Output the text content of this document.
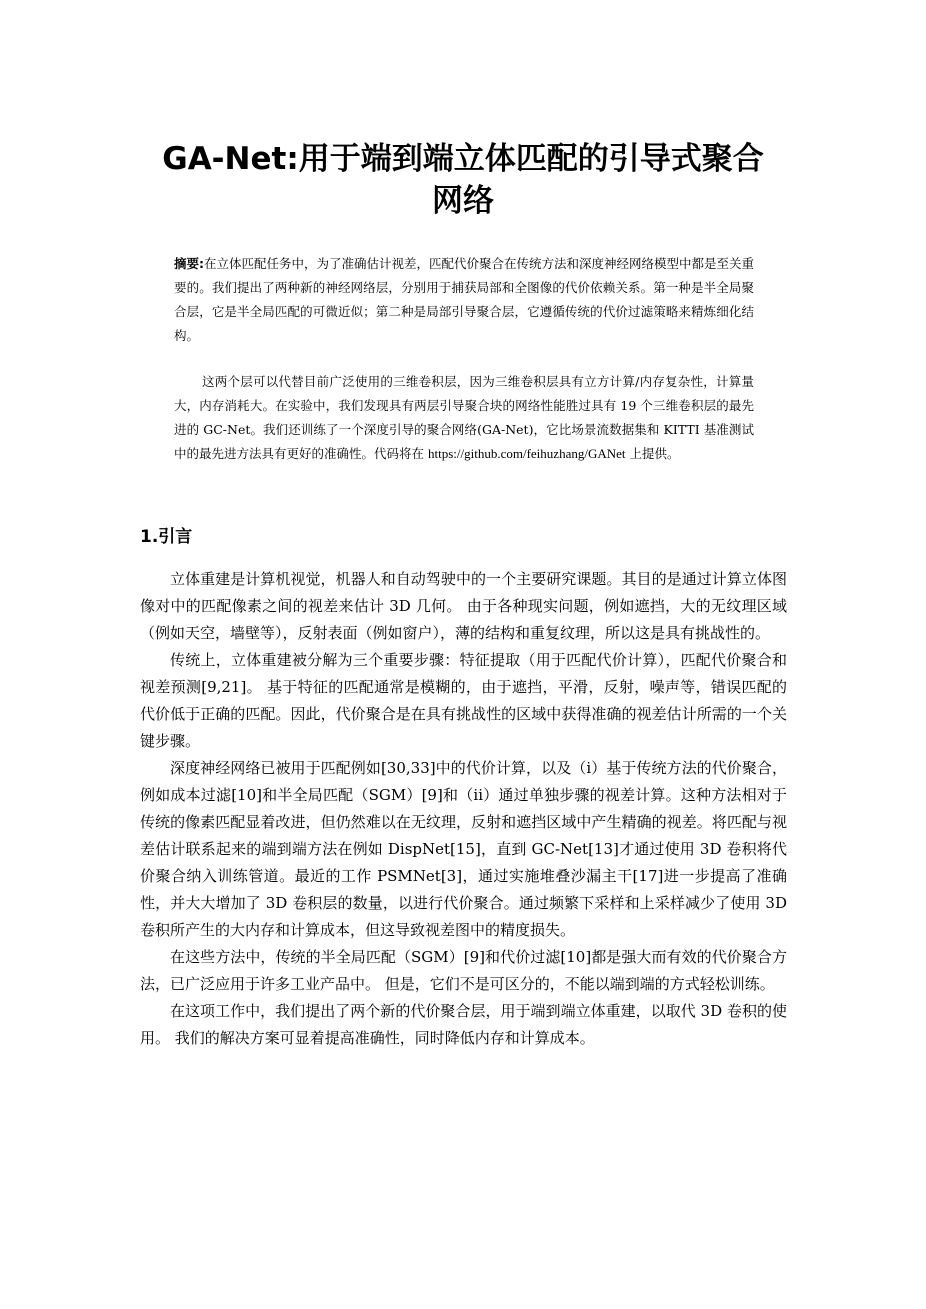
GA-Net:用于端到端立体匹配的引导式聚合
网络

摘要:在立体匹配任务中，为了准确估计视差，匹配代价聚合在传统方法和深度神经网络模型中都是至关重要的。我们提出了两种新的神经网络层，分别用于捕获局部和全图像的代价依赖关系。第一种是半全局聚合层，它是半全局匹配的可微近似；第二种是局部引导聚合层，它遵循传统的代价过滤策略来精炼细化结构。

这两个层可以代替目前广泛使用的三维卷积层，因为三维卷积层具有立方计算/内存复杂性，计算量大，内存消耗大。在实验中，我们发现具有两层引导聚合块的网络性能胜过具有 19 个三维卷积层的最先进的 GC-Net。我们还训练了一个深度引导的聚合网络(GA-Net)，它比场景流数据集和 KITTI 基准测试中的最先进方法具有更好的准确性。代码将在 https://github.com/feihuzhang/GANet 上提供。

1.引言

立体重建是计算机视觉，机器人和自动驾驶中的一个主要研究课题。其目的是通过计算立体图像对中的匹配像素之间的视差来估计 3D 几何。 由于各种现实问题，例如遮挡，大的无纹理区域（例如天空，墙壁等），反射表面（例如窗户），薄的结构和重复纹理，所以这是具有挑战性的。

传统上，立体重建被分解为三个重要步骤：特征提取（用于匹配代价计算），匹配代价聚合和视差预测[9,21]。 基于特征的匹配通常是模糊的，由于遮挡，平滑，反射，噪声等，错误匹配的代价低于正确的匹配。因此，代价聚合是在具有挑战性的区域中获得准确的视差估计所需的一个关键步骤。

深度神经网络已被用于匹配例如[30,33]中的代价计算，以及（i）基于传统方法的代价聚合，例如成本过滤[10]和半全局匹配（SGM）[9]和（ii）通过单独步骤的视差计算。这种方法相对于传统的像素匹配显着改进，但仍然难以在无纹理，反射和遮挡区域中产生精确的视差。将匹配与视差估计联系起来的端到端方法在例如 DispNet[15]，直到 GC-Net[13]才通过使用 3D 卷积将代价聚合纳入训练管道。最近的工作 PSMNet[3]，通过实施堆叠沙漏主干[17]进一步提高了准确性，并大大增加了 3D 卷积层的数量，以进行代价聚合。通过频繁下采样和上采样减少了使用 3D 卷积所产生的大内存和计算成本，但这导致视差图中的精度损失。

在这些方法中，传统的半全局匹配（SGM）[9]和代价过滤[10]都是强大而有效的代价聚合方法，已广泛应用于许多工业产品中。 但是，它们不是可区分的，不能以端到端的方式轻松训练。

在这项工作中，我们提出了两个新的代价聚合层，用于端到端立体重建，以取代 3D 卷积的使用。 我们的解决方案可显着提高准确性，同时降低内存和计算成本。
